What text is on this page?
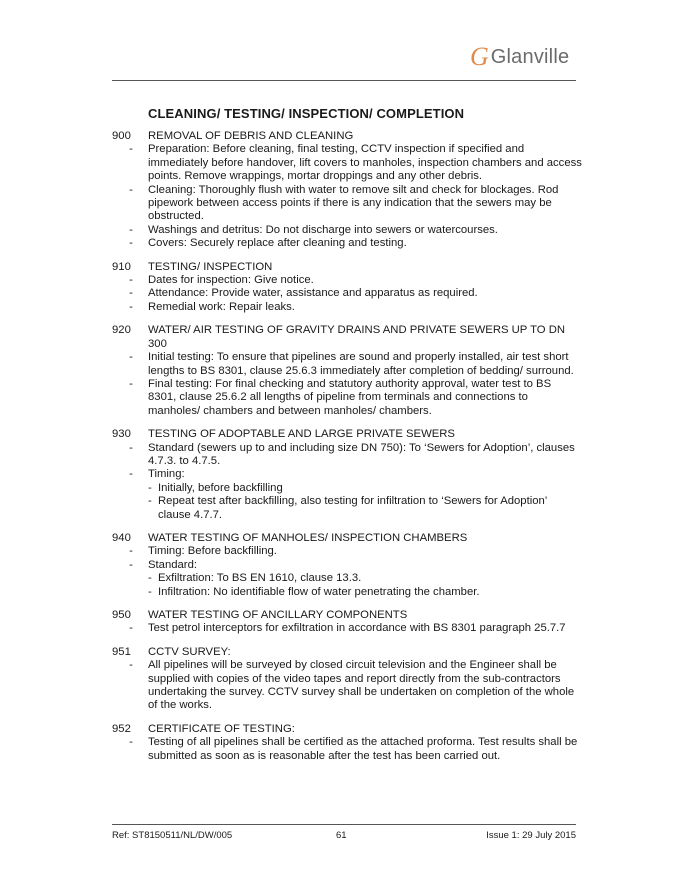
G Glanville
CLEANING/ TESTING/ INSPECTION/ COMPLETION
900	REMOVAL OF DEBRIS AND CLEANING
-	Preparation: Before cleaning, final testing, CCTV inspection if specified and immediately before handover, lift covers to manholes, inspection chambers and access points. Remove wrappings, mortar droppings and any other debris.
-	Cleaning: Thoroughly flush with water to remove silt and check for blockages. Rod pipework between access points if there is any indication that the sewers may be obstructed.
-	Washings and detritus: Do not discharge into sewers or watercourses.
-	Covers: Securely replace after cleaning and testing.
910	TESTING/ INSPECTION
-	Dates for inspection: Give notice.
-	Attendance: Provide water, assistance and apparatus as required.
-	Remedial work: Repair leaks.
920	WATER/ AIR TESTING OF GRAVITY DRAINS AND PRIVATE SEWERS UP TO DN 300
-	Initial testing: To ensure that pipelines are sound and properly installed, air test short lengths to BS 8301, clause 25.6.3 immediately after completion of bedding/ surround.
-	Final testing: For final checking and statutory authority approval, water test to BS 8301, clause 25.6.2 all lengths of pipeline from terminals and connections to manholes/ chambers and between manholes/ chambers.
930	TESTING OF ADOPTABLE AND LARGE PRIVATE SEWERS
-	Standard (sewers up to and including size DN 750): To ‘Sewers for Adoption’, clauses 4.7.3. to 4.7.5.
-	Timing:
- Initially, before backfilling
- Repeat test after backfilling, also testing for infiltration to ‘Sewers for Adoption’ clause 4.7.7.
940	WATER TESTING OF MANHOLES/ INSPECTION CHAMBERS
-	Timing: Before backfilling.
-	Standard:
- Exfiltration: To BS EN 1610, clause 13.3.
- Infiltration: No identifiable flow of water penetrating the chamber.
950	WATER TESTING OF ANCILLARY COMPONENTS
-	Test petrol interceptors for exfiltration in accordance with BS 8301 paragraph 25.7.7
951	CCTV SURVEY:
-	All pipelines will be surveyed by closed circuit television and the Engineer shall be supplied with copies of the video tapes and report directly from the sub-contractors undertaking the survey. CCTV survey shall be undertaken on completion of the whole of the works.
952	CERTIFICATE OF TESTING:
-	Testing of all pipelines shall be certified as the attached proforma. Test results shall be submitted as soon as is reasonable after the test has been carried out.
Ref: ST8150511/NL/DW/005	61	Issue 1: 29 July 2015
